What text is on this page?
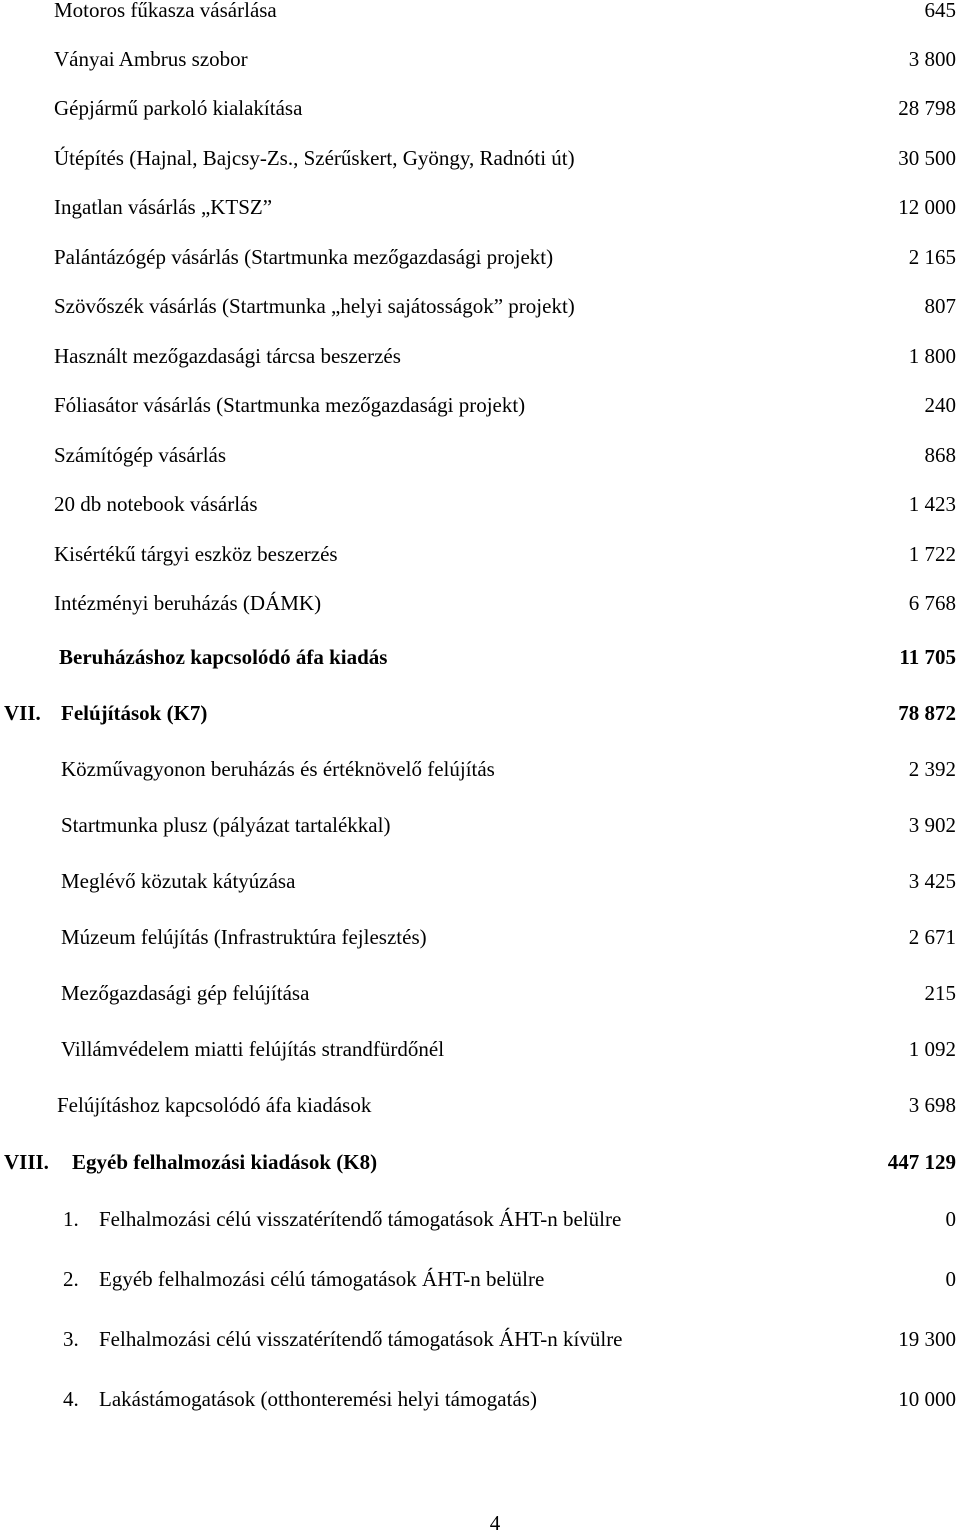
Motoros fűkasza vásárlása	645
Ványai Ambrus szobor	3 800
Gépjármű parkoló kialakítása	28 798
Útépítés (Hajnal, Bajcsy-Zs., Szérűskert, Gyöngy, Radnóti út)	30 500
Ingatlan vásárlás „KTSZ”	12 000
Palántázógép vásárlás (Startmunka mezőgazdasági projekt)	2 165
Szövőszék vásárlás (Startmunka „helyi sajátosságok” projekt)	807
Használt mezőgazdasági tárcsa beszerzés	1 800
Fóliasátor vásárlás (Startmunka mezőgazdasági projekt)	240
Számítógép vásárlás	868
20 db notebook vásárlás	1 423
Kisértékű tárgyi eszköz beszerzés	1 722
Intézményi beruházás (DÁMK)	6 768
Beruházáshoz kapcsolódó áfa kiadás	11 705
VII. Felújítások (K7)	78 872
Közművagyonon beruházás és értéknövelő felújítás	2 392
Startmunka plusz (pályázat tartalékkal)	3 902
Meglévő közutak kátyúzása	3 425
Múzeum felújítás (Infrastruktúra fejlesztés)	2 671
Mezőgazdasági gép felújítása	215
Villámvédelem miatti felújítás strandfürdőnél	1 092
Felújításhoz kapcsolódó áfa kiadások	3 698
VIII. Egyéb felhalmozási kiadások (K8)	447 129
1. Felhalmozási célú visszatérítendő támogatások ÁHT-n belülre	0
2. Egyéb felhalmozási célú támogatások ÁHT-n belülre	0
3. Felhalmozási célú visszatérítendő támogatások ÁHT-n kívülre	19 300
4. Lakástámogatások (otthonteremési helyi támogatás)	10 000
4
